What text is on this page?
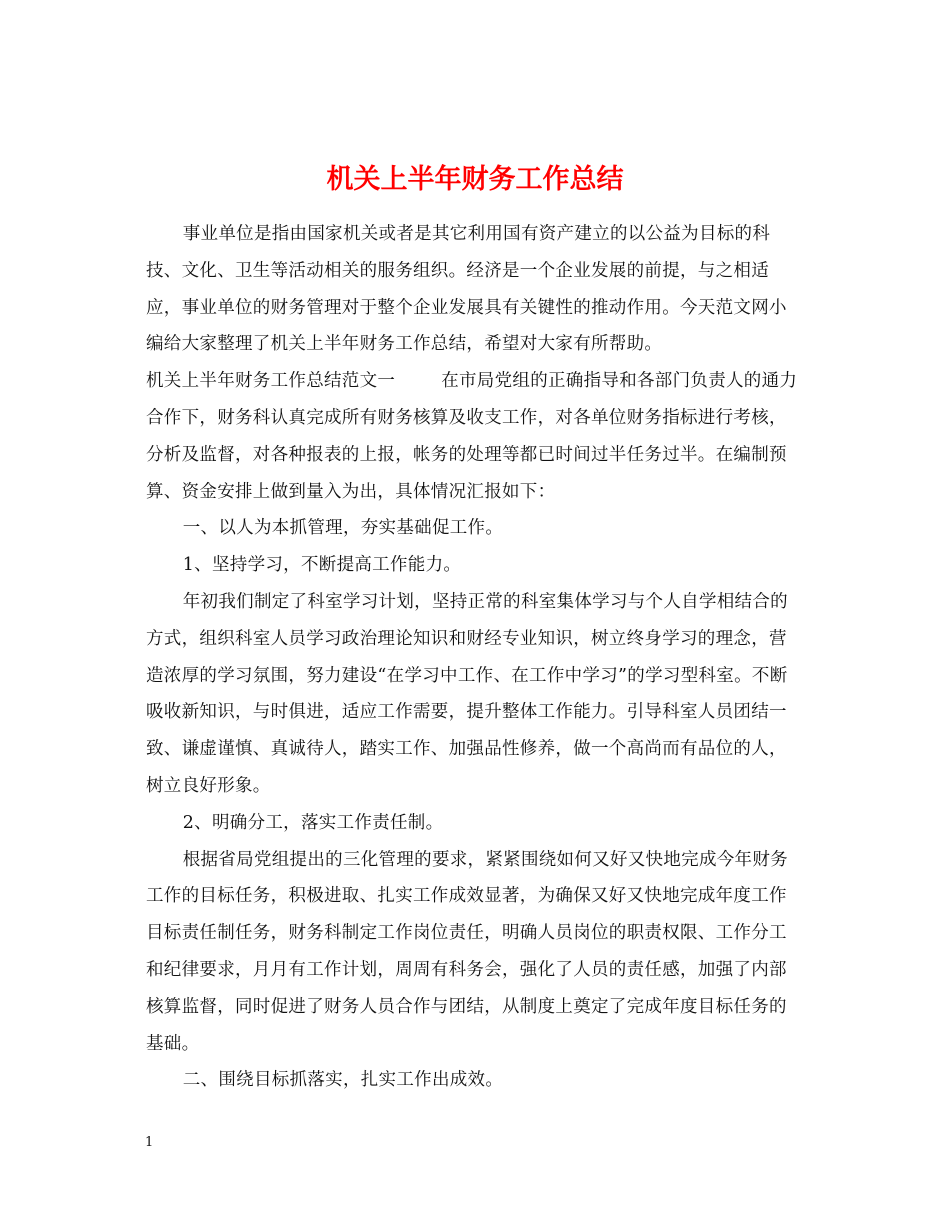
机关上半年财务工作总结

事业单位是指由国家机关或者是其它利用国有资产建立的以公益为目标的科技、文化、卫生等活动相关的服务组织。经济是一个企业发展的前提，与之相适应，事业单位的财务管理对于整个企业发展具有关键性的推动作用。今天范文网小编给大家整理了机关上半年财务工作总结，希望对大家有所帮助。

机关上半年财务工作总结范文一	在市局党组的正确指导和各部门负责人的通力合作下，财务科认真完成所有财务核算及收支工作，对各单位财务指标进行考核，分析及监督，对各种报表的上报，帐务的处理等都已时间过半任务过半。在编制预算、资金安排上做到量入为出，具体情况汇报如下：

一、以人为本抓管理，夯实基础促工作。

1、坚持学习，不断提高工作能力。

年初我们制定了科室学习计划，坚持正常的科室集体学习与个人自学相结合的方式，组织科室人员学习政治理论知识和财经专业知识，树立终身学习的理念，营造浓厚的学习氛围，努力建设“在学习中工作、在工作中学习”的学习型科室。不断吸收新知识，与时俱进，适应工作需要，提升整体工作能力。引导科室人员团结一致、谦虚谨慎、真诚待人，踏实工作、加强品性修养，做一个高尚而有品位的人，树立良好形象。

2、明确分工，落实工作责任制。

根据省局党组提出的三化管理的要求，紧紧围绕如何又好又快地完成今年财务工作的目标任务，积极进取、扎实工作成效显著，为确保又好又快地完成年度工作目标责任制任务，财务科制定工作岗位责任，明确人员岗位的职责权限、工作分工和纪律要求，月月有工作计划，周周有科务会，强化了人员的责任感，加强了内部核算监督，同时促进了财务人员合作与团结，从制度上奠定了完成年度目标任务的基础。

二、围绕目标抓落实，扎实工作出成效。

1
